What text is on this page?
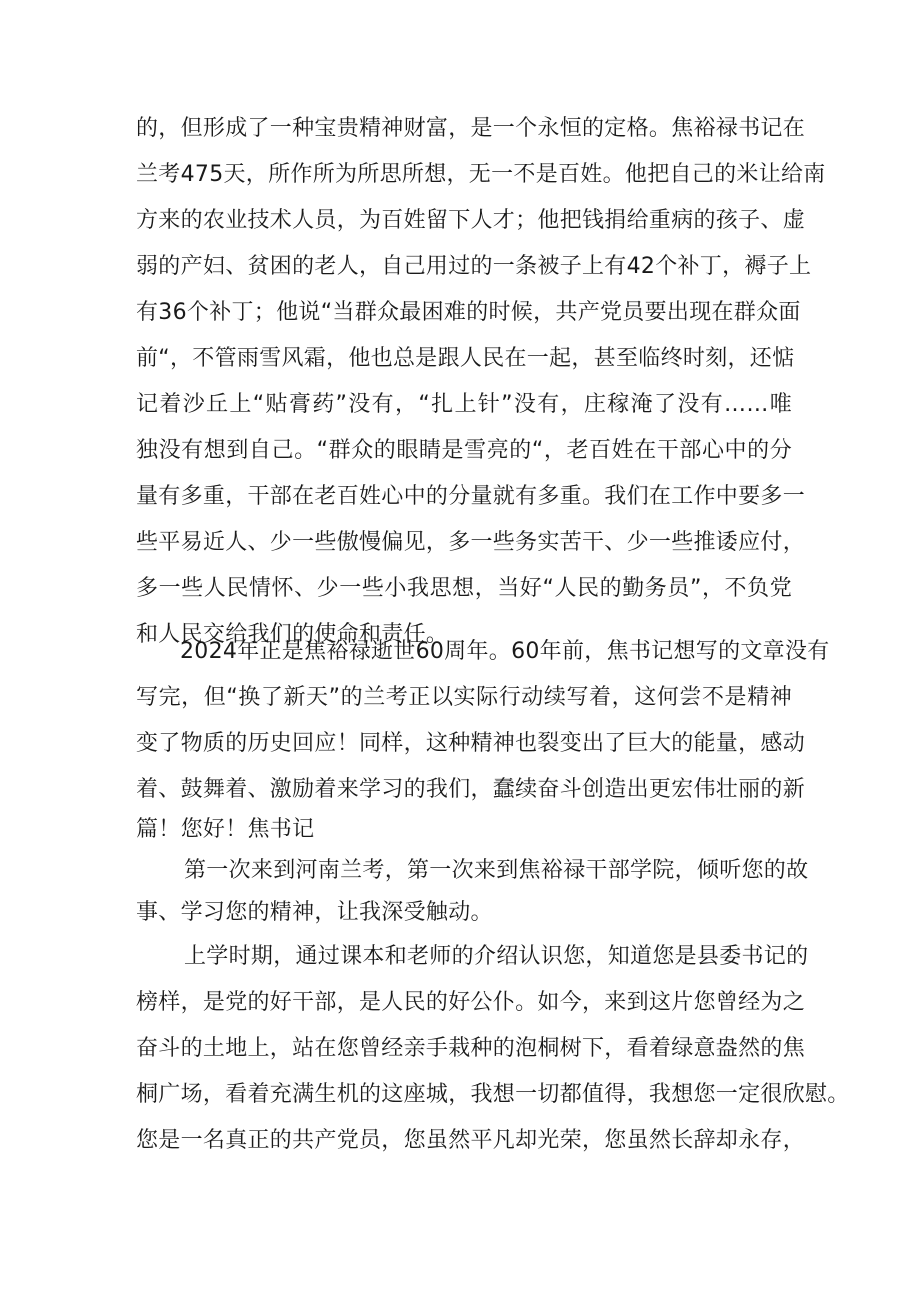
的，但形成了一种宝贵精神财富，是一个永恒的定格。焦裕禄书记在
兰考475天，所作所为所思所想，无一不是百姓。他把自己的米让给南
方来的农业技术人员，为百姓留下人才；他把钱捐给重病的孩子、虚
弱的产妇、贫困的老人，自己用过的一条被子上有42个补丁，褥子上
有36个补丁；他说“当群众最困难的时候，共产党员要出现在群众面
前“，不管雨雪风霜，他也总是跟人民在一起，甚至临终时刻，还惦
记着沙丘上“贴膏药”没有，“扎上针”没有，庄稼淹了没有……唯
独没有想到自己。“群众的眼睛是雪亮的“，老百姓在干部心中的分
量有多重，干部在老百姓心中的分量就有多重。我们在工作中要多一
些平易近人、少一些傲慢偏见，多一些务实苦干、少一些推诿应付，
多一些人民情怀、少一些小我思想，当好“人民的勤务员”，不负党
和人民交给我们的使命和责任。
2024年正是焦裕禄逝世60周年。60年前，焦书记想写的文章没有
写完，但“换了新天”的兰考正以实际行动续写着，这何尝不是精神
变了物质的历史回应！同样，这种精神也裂变出了巨大的能量，感动
着、鼓舞着、激励着来学习的我们，蠢续奋斗创造出更宏伟壮丽的新
篇！您好！焦书记
第一次来到河南兰考，第一次来到焦裕禄干部学院，倾听您的故
事、学习您的精神，让我深受触动。
上学时期，通过课本和老师的介绍认识您，知道您是县委书记的
榜样，是党的好干部，是人民的好公仆。如今，来到这片您曾经为之
奋斗的土地上，站在您曾经亲手栽种的泡桐树下，看着绿意盎然的焦
桐广场，看着充满生机的这座城，我想一切都值得，我想您一定很欣慰。
您是一名真正的共产党员，您虽然平凡却光荣，您虽然长辞却永存，
